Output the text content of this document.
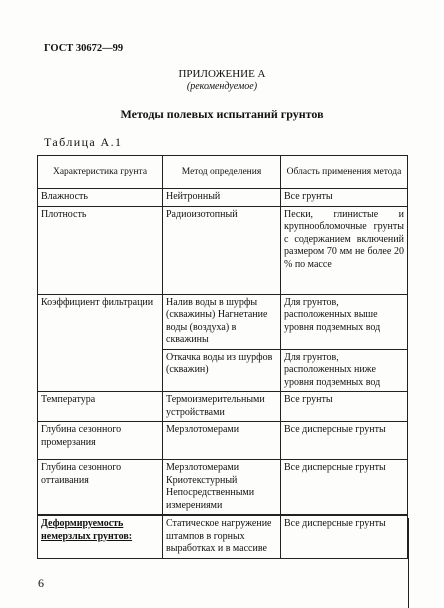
ГОСТ 30672—99
ПРИЛОЖЕНИЕ А
(рекомендуемое)
Методы полевых испытаний грунтов
Таблица А.1
Характеристика грунта	Метод определения	Область применения метода
Влажность	Нейтронный	Все грунты
Плотность	Радиоизотопный	Пески, глинистые и крупнообломочные грунты с содержанием включений размером 70 мм не более 20 % по массе
Коэффициент фильтрации	Налив воды в шурфы (скважины) Нагнетание воды (воздуха) в скважины	Для грунтов, расположенных выше уровня подземных вод
	Откачка воды из шурфов (скважин)	Для грунтов, расположенных ниже уровня подземных вод
Температура	Термоизмерительными устройствами	Все грунты
Глубина сезонного промерзания	Мерзлотомерами	Все дисперсные грунты
Глубина сезонного оттаивания	Мерзлотомерами Криотекстурный Непосредственными измерениями	Все дисперсные грунты
Деформируемость немерзлых грунтов:	Статическое нагружение штампов в горных выработках и в массиве	Все дисперсные грунты
6
